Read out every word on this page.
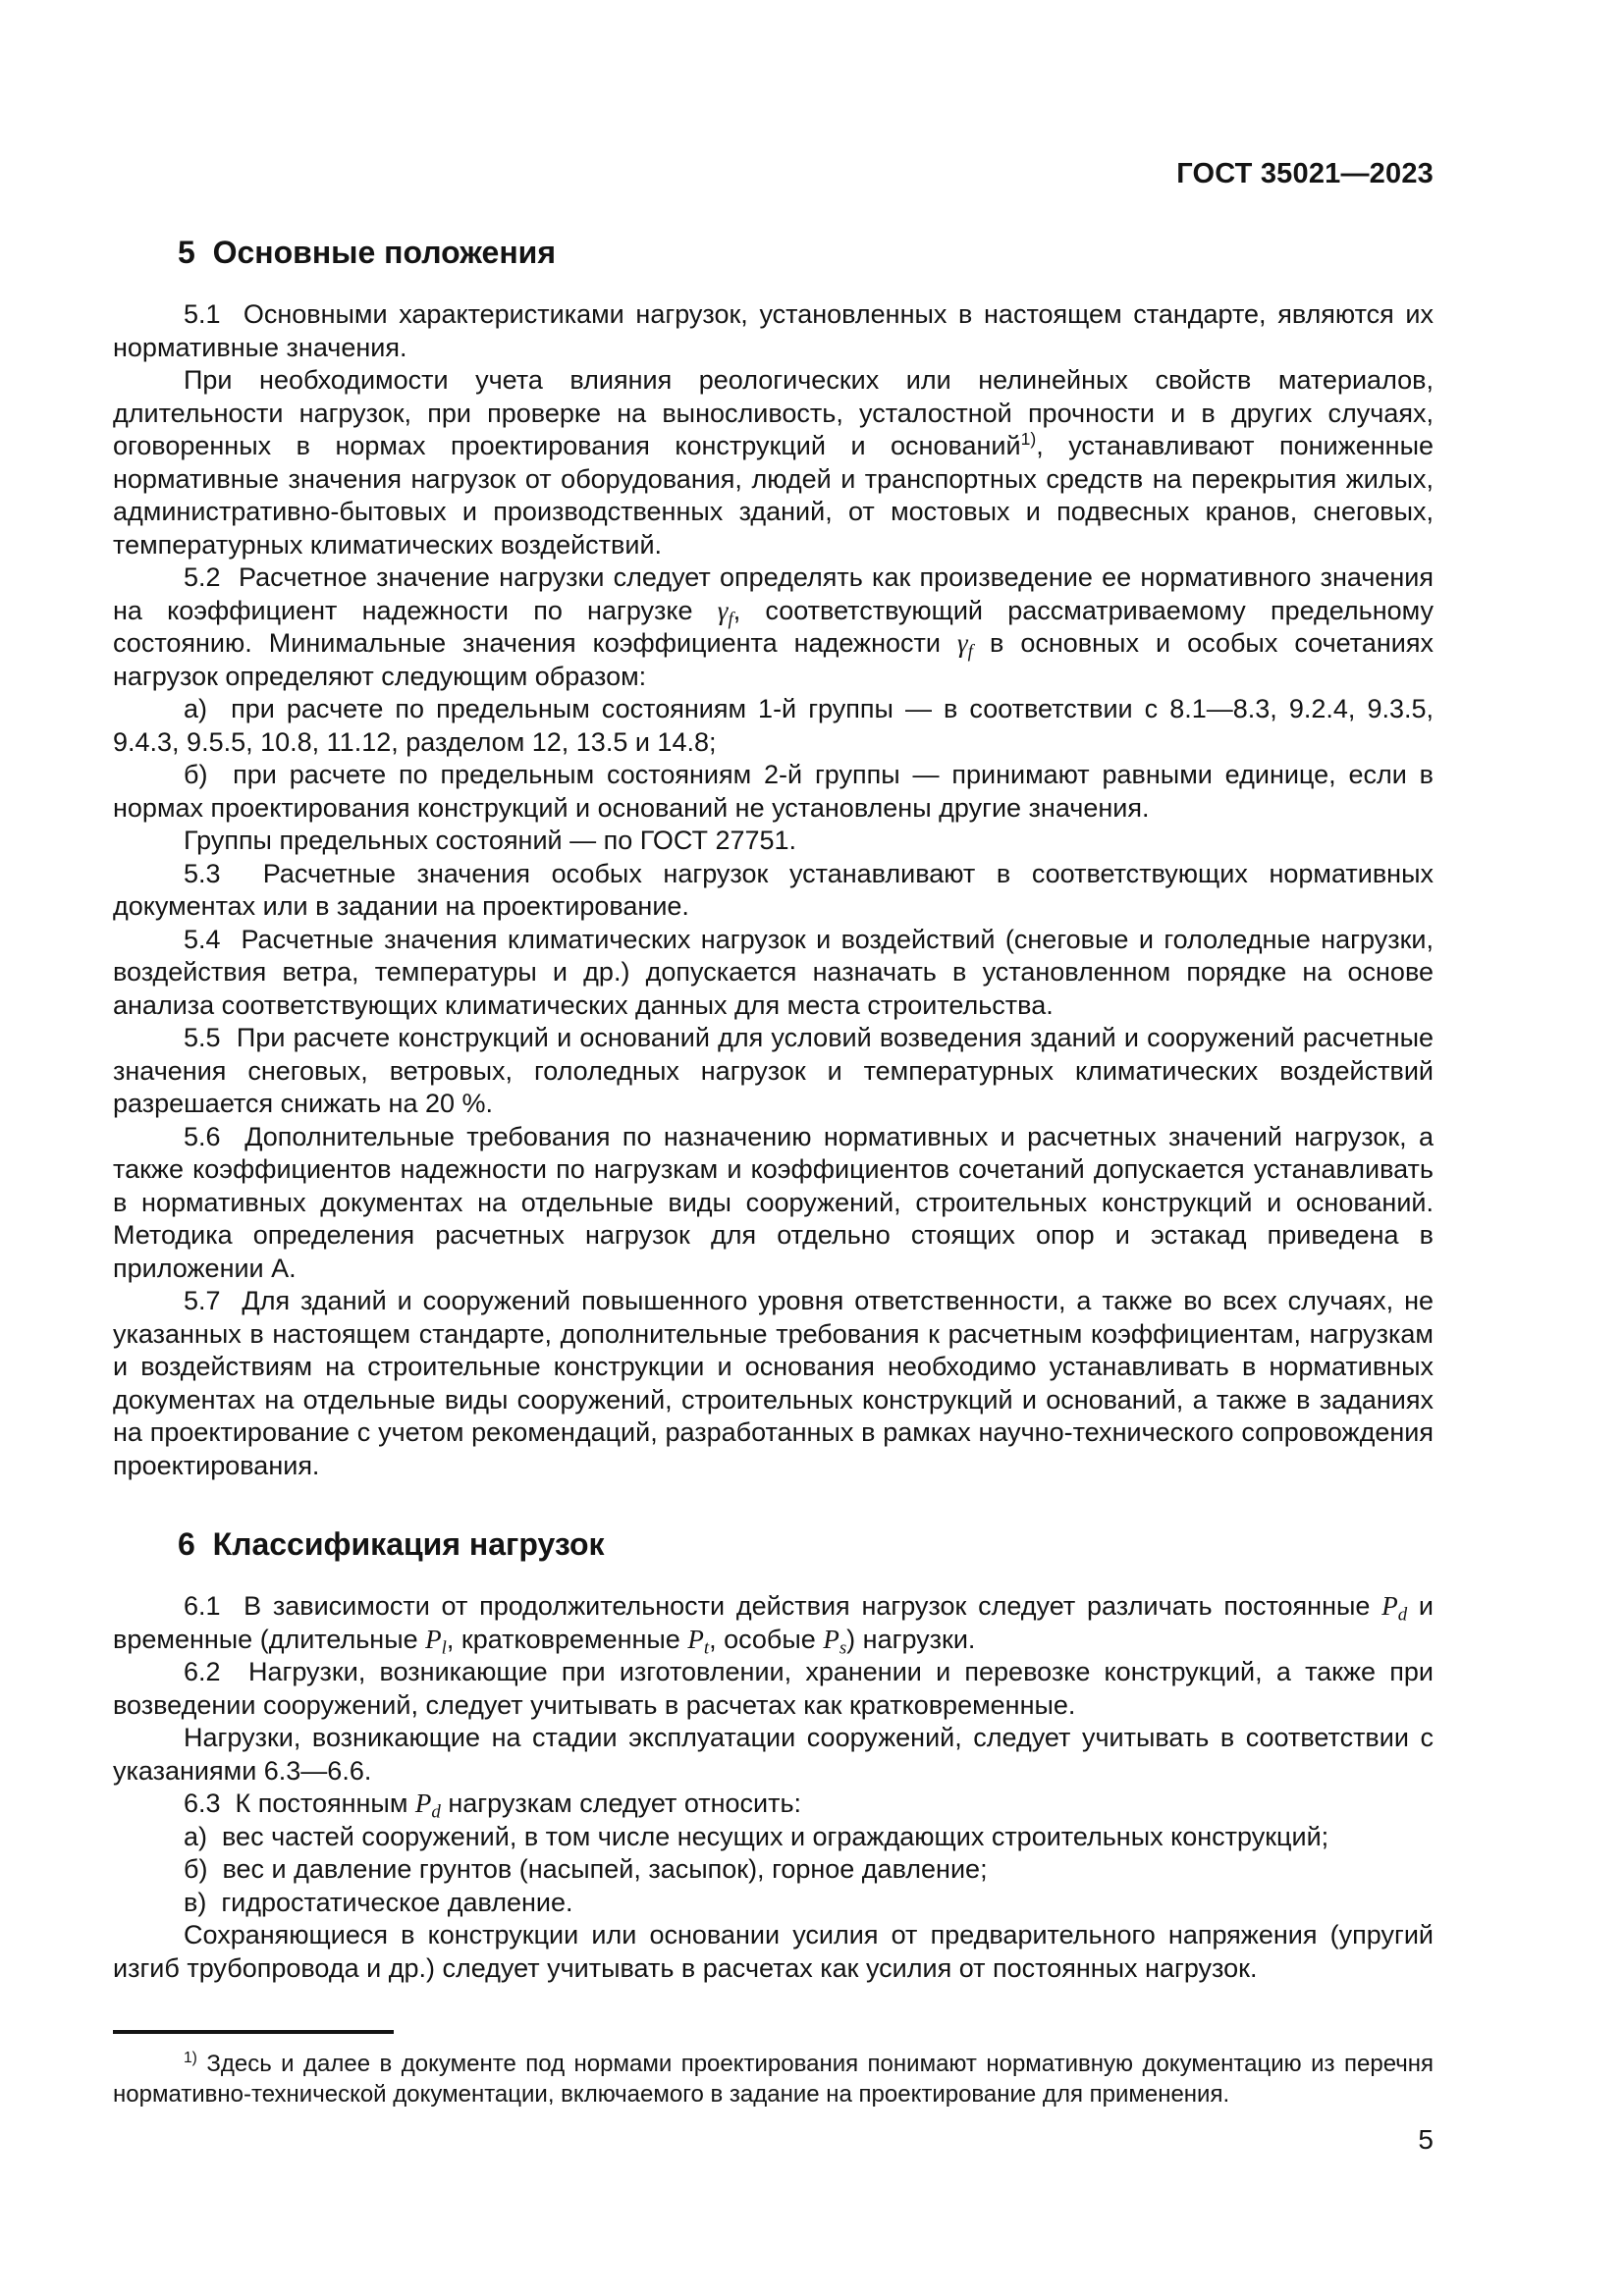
ГОСТ 35021—2023
5  Основные положения

5.1  Основными характеристиками нагрузок, установленных в настоящем стандарте, являются их нормативные значения.

При необходимости учета влияния реологических или нелинейных свойств материалов, длительности нагрузок, при проверке на выносливость, усталостной прочности и в других случаях, оговоренных в нормах проектирования конструкций и оснований$^{1)}$, устанавливают пониженные нормативные значения нагрузок от оборудования, людей и транспортных средств на перекрытия жилых, административно-бытовых и производственных зданий, от мостовых и подвесных кранов, снеговых, температурных климатических воздействий.

5.2  Расчетное значение нагрузки следует определять как произведение ее нормативного значения на коэффициент надежности по нагрузке $\gamma_f$, соответствующий рассматриваемому предельному состоянию. Минимальные значения коэффициента надежности $\gamma_f$ в основных и особых сочетаниях нагрузок определяют следующим образом:

а)  при расчете по предельным состояниям 1-й группы — в соответствии с 8.1—8.3, 9.2.4, 9.3.5, 9.4.3, 9.5.5, 10.8, 11.12, разделом 12, 13.5 и 14.8;

б)  при расчете по предельным состояниям 2-й группы — принимают равными единице, если в нормах проектирования конструкций и оснований не установлены другие значения.

Группы предельных состояний — по ГОСТ 27751.

5.3  Расчетные значения особых нагрузок устанавливают в соответствующих нормативных документах или в задании на проектирование.

5.4  Расчетные значения климатических нагрузок и воздействий (снеговые и гололедные нагрузки, воздействия ветра, температуры и др.) допускается назначать в установленном порядке на основе анализа соответствующих климатических данных для места строительства.

5.5  При расчете конструкций и оснований для условий возведения зданий и сооружений расчетные значения снеговых, ветровых, гололедных нагрузок и температурных климатических воздействий разрешается снижать на 20 %.

5.6  Дополнительные требования по назначению нормативных и расчетных значений нагрузок, а также коэффициентов надежности по нагрузкам и коэффициентов сочетаний допускается устанавливать в нормативных документах на отдельные виды сооружений, строительных конструкций и оснований. Методика определения расчетных нагрузок для отдельно стоящих опор и эстакад приведена в приложении А.

5.7  Для зданий и сооружений повышенного уровня ответственности, а также во всех случаях, не указанных в настоящем стандарте, дополнительные требования к расчетным коэффициентам, нагрузкам и воздействиям на строительные конструкции и основания необходимо устанавливать в нормативных документах на отдельные виды сооружений, строительных конструкций и оснований, а также в заданиях на проектирование с учетом рекомендаций, разработанных в рамках научно-технического сопровождения проектирования.

6  Классификация нагрузок

6.1  В зависимости от продолжительности действия нагрузок следует различать постоянные $P_d$ и временные (длительные $P_l$, кратковременные $P_t$, особые $P_s$) нагрузки.

6.2  Нагрузки, возникающие при изготовлении, хранении и перевозке конструкций, а также при возведении сооружений, следует учитывать в расчетах как кратковременные.

Нагрузки, возникающие на стадии эксплуатации сооружений, следует учитывать в соответствии с указаниями 6.3—6.6.

6.3  К постоянным $P_d$ нагрузкам следует относить:

а)  вес частей сооружений, в том числе несущих и ограждающих строительных конструкций;

б)  вес и давление грунтов (насыпей, засыпок), горное давление;

в)  гидростатическое давление.

Сохраняющиеся в конструкции или основании усилия от предварительного напряжения (упругий изгиб трубопровода и др.) следует учитывать в расчетах как усилия от постоянных нагрузок.

$^{1)}$ Здесь и далее в документе под нормами проектирования понимают нормативную документацию из перечня нормативно-технической документации, включаемого в задание на проектирование для применения.

5
